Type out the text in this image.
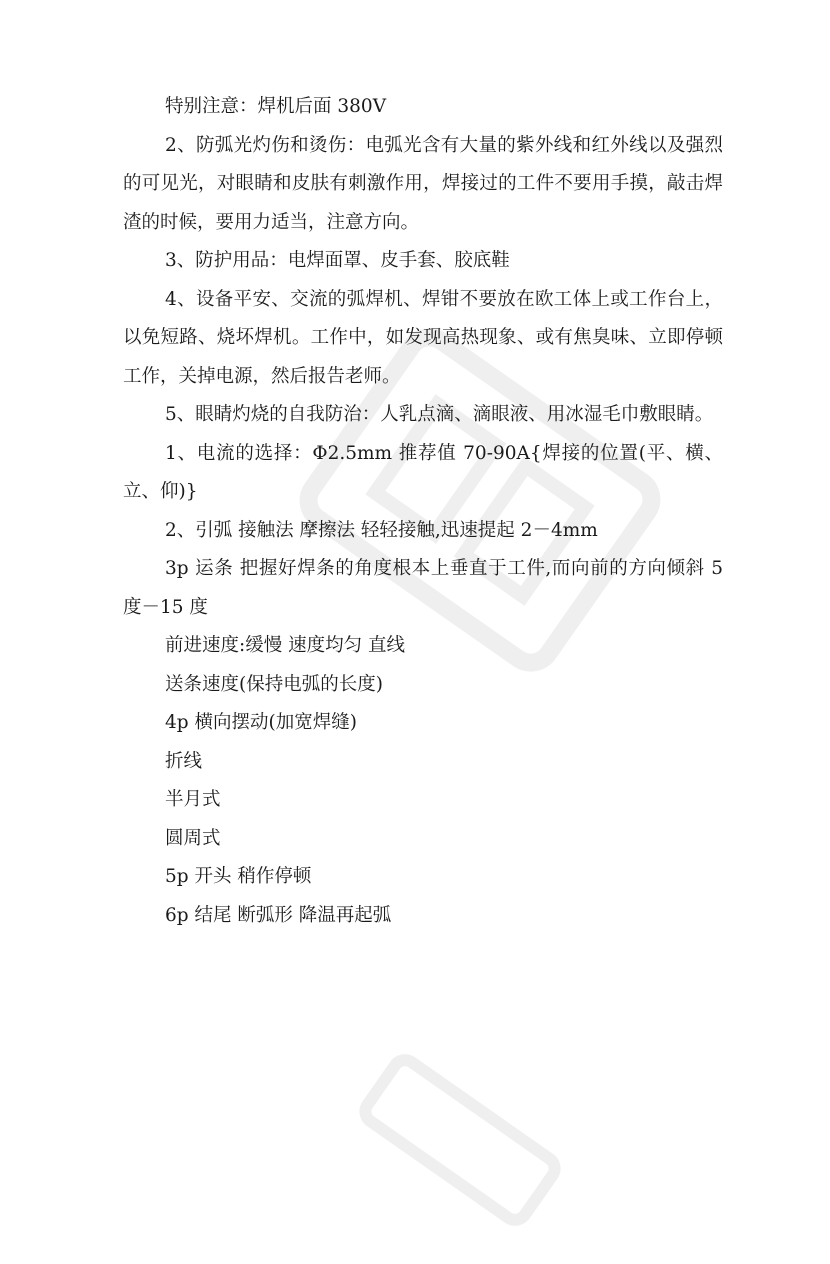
特别注意：焊机后面 380V

2、防弧光灼伤和烫伤：电弧光含有大量的紫外线和红外线以及强烈的可见光，对眼睛和皮肤有刺激作用，焊接过的工件不要用手摸，敲击焊渣的时候，要用力适当，注意方向。

3、防护用品：电焊面罩、皮手套、胶底鞋

4、设备平安、交流的弧焊机、焊钳不要放在欧工体上或工作台上，以免短路、烧坏焊机。工作中，如发现高热现象、或有焦臭味、立即停顿工作，关掉电源，然后报告老师。

5、眼睛灼烧的自我防治：人乳点滴、滴眼液、用冰湿毛巾敷眼睛。

1、电流的选择：Φ2.5mm 推荐值 70-90A{焊接的位置(平、横、立、仰)}

2、引弧 接触法 摩擦法 轻轻接触,迅速提起 2－4mm

3p 运条 把握好焊条的角度根本上垂直于工件,而向前的方向倾斜 5 度－15 度

前进速度:缓慢 速度均匀 直线

送条速度(保持电弧的长度)

4p 横向摆动(加宽焊缝)

折线

半月式

圆周式

5p 开头 稍作停顿

6p 结尾 断弧形 降温再起弧
